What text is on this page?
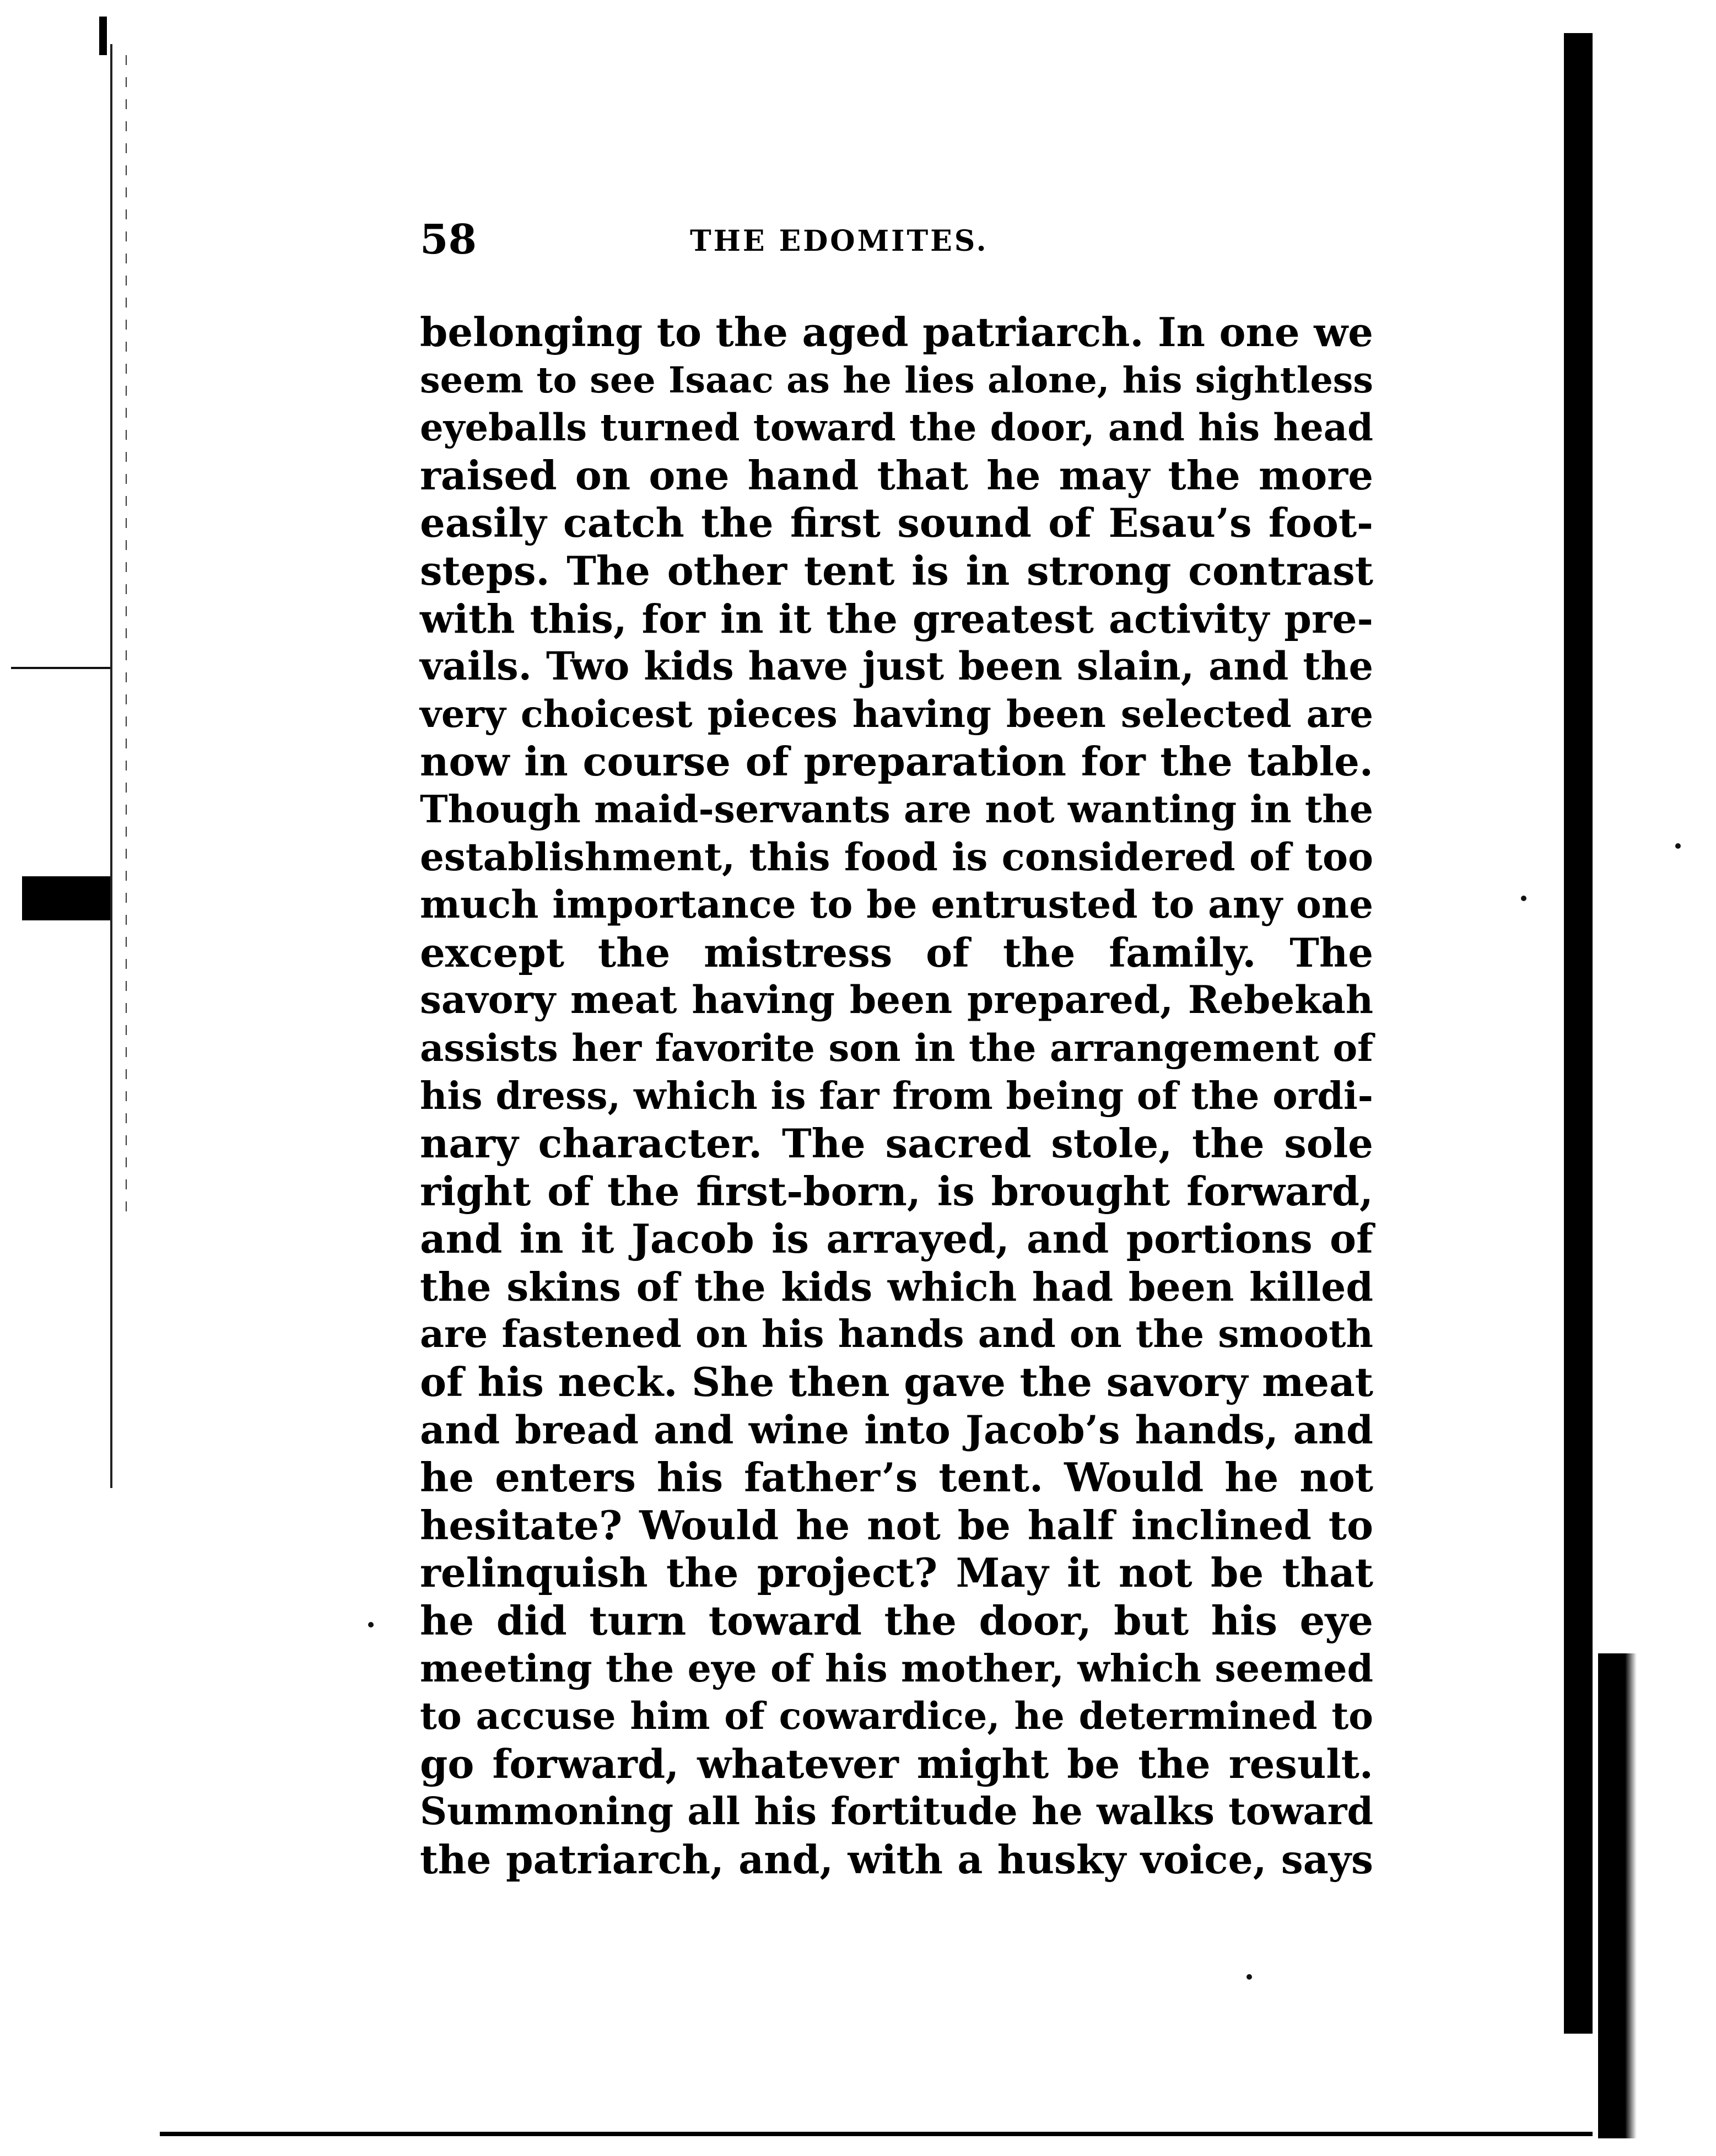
58	THE EDOMITES.
belonging to the aged patriarch. In one we
seem to see Isaac as he lies alone, his sightless
eyeballs turned toward the door, and his head
raised on one hand that he may the more
easily catch the first sound of Esau’s foot-
steps. The other tent is in strong contrast
with this, for in it the greatest activity pre-
vails. Two kids have just been slain, and the
very choicest pieces having been selected are
now in course of preparation for the table.
Though maid-servants are not wanting in the
establishment, this food is considered of too
much importance to be entrusted to any one
except the mistress of the family. The
savory meat having been prepared, Rebekah
assists her favorite son in the arrangement of
his dress, which is far from being of the ordi-
nary character. The sacred stole, the sole
right of the first-born, is brought forward,
and in it Jacob is arrayed, and portions of
the skins of the kids which had been killed
are fastened on his hands and on the smooth
of his neck. She then gave the savory meat
and bread and wine into Jacob’s hands, and
he enters his father’s tent. Would he not
hesitate? Would he not be half inclined to
relinquish the project? May it not be that
he did turn toward the door, but his eye
meeting the eye of his mother, which seemed
to accuse him of cowardice, he determined to
go forward, whatever might be the result.
Summoning all his fortitude he walks toward
the patriarch, and, with a husky voice, says
